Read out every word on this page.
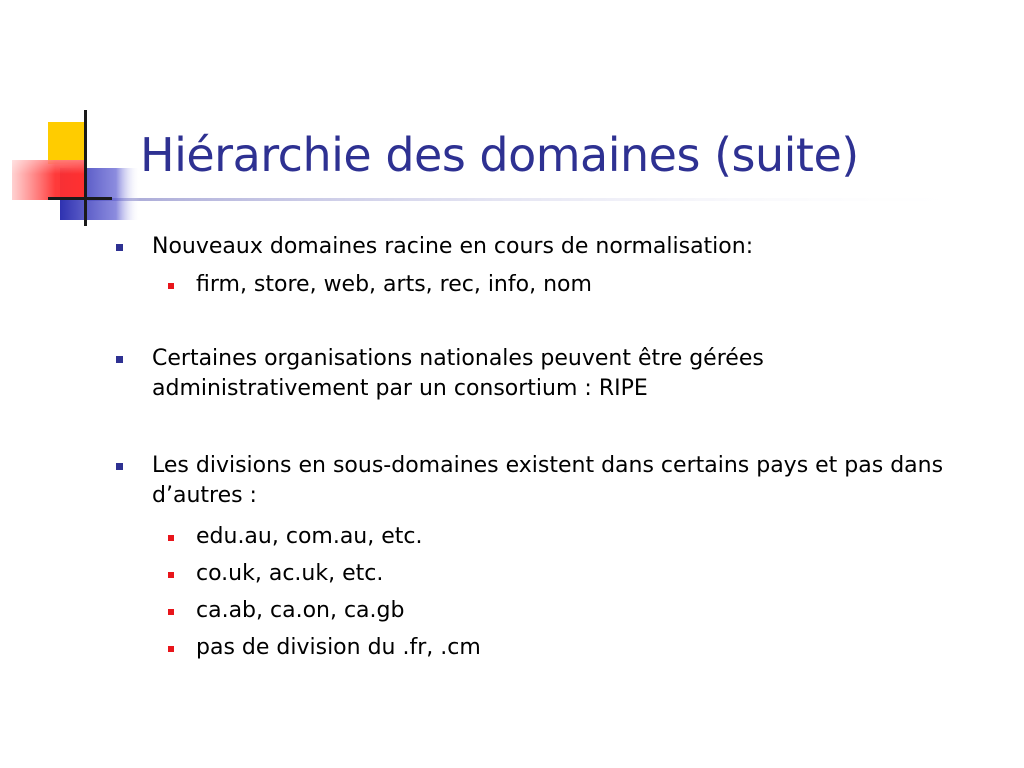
Hiérarchie des domaines (suite)
Nouveaux domaines racine en cours de normalisation:
firm, store, web, arts, rec, info, nom
Certaines organisations nationales peuvent être gérées administrativement par un consortium : RIPE
Les divisions en sous-domaines existent dans certains pays et pas dans d’autres :
edu.au, com.au, etc.
co.uk, ac.uk, etc.
ca.ab, ca.on, ca.gb
pas de division du .fr, .cm
